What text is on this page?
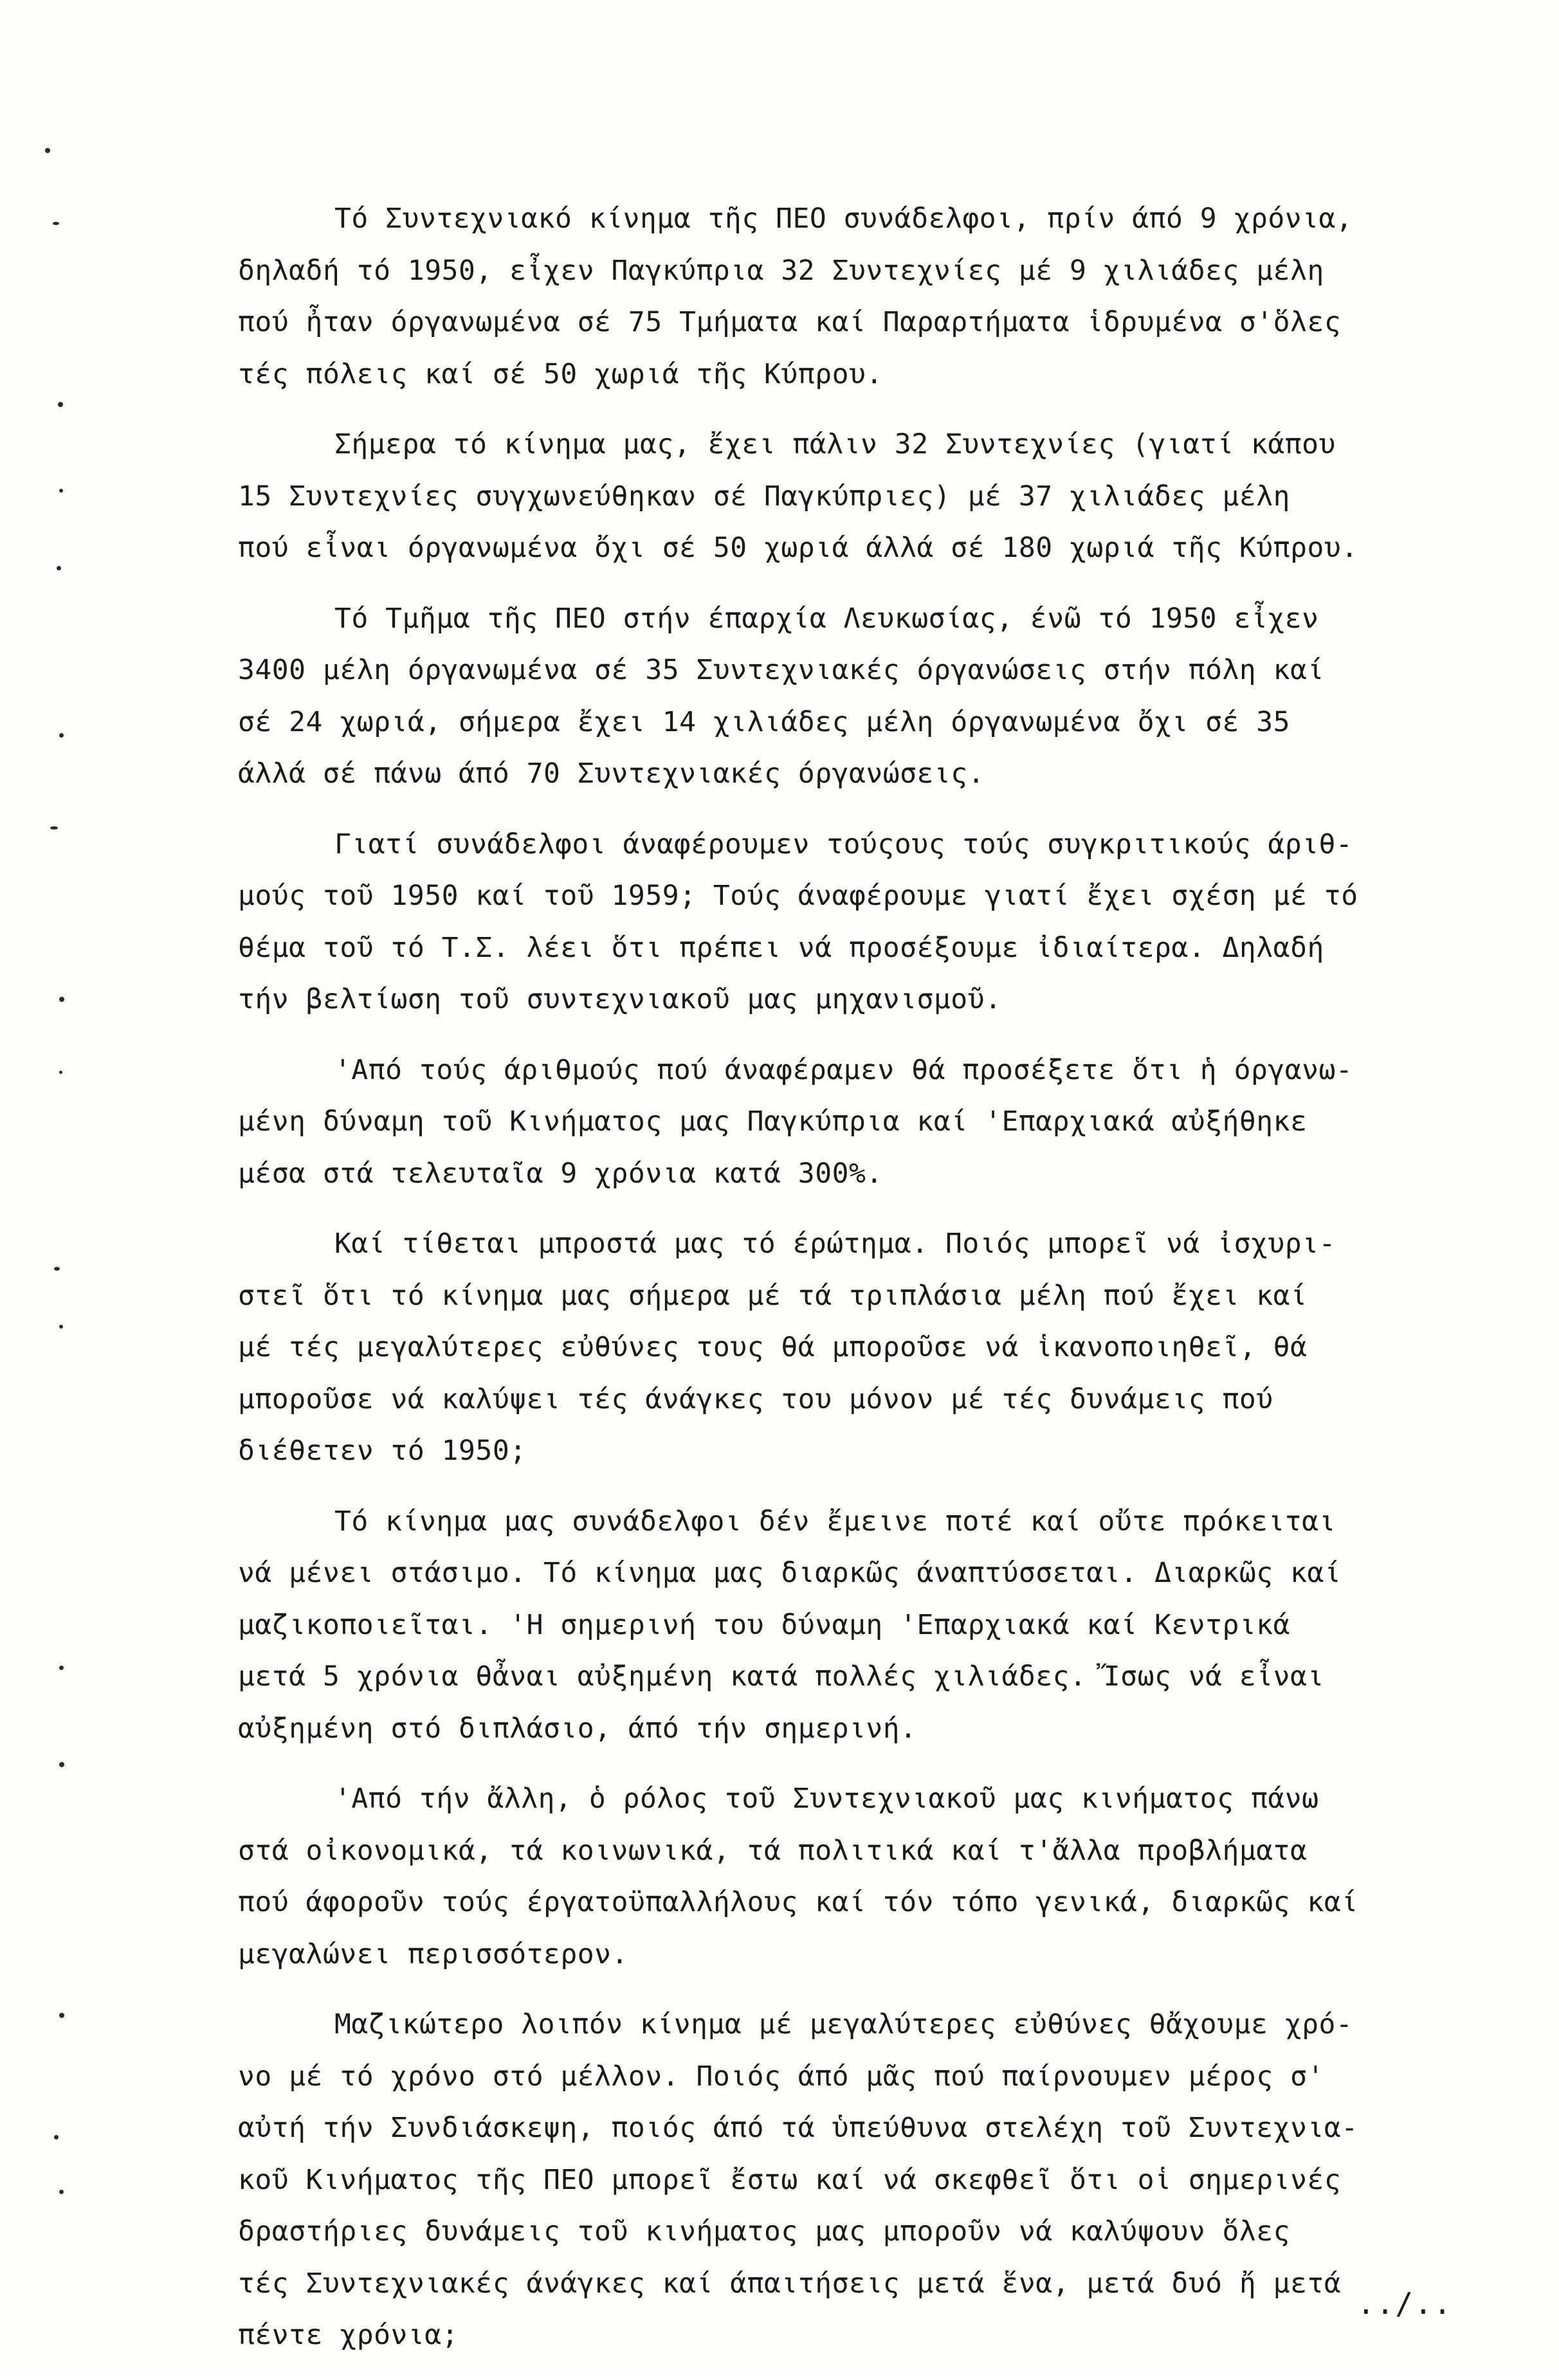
Τό Συντεχνιακό κίνημα τῆς ΠΕΟ συνάδελφοι, πρίν άπό 9 χρόνια,
δηλαδή τό 1950, εἶχεν Παγκύπρια 32 Συντεχνίες μέ 9 χιλιάδες μέλη
πού ἦταν όργανωμένα σέ 75 Τμήματα καί Παραρτήματα ἱδρυμένα σ'ὅλες
τές πόλεις καί σέ 50 χωριά τῆς Κύπρου.
Σήμερα τό κίνημα μας, ἔχει πάλιν 32 Συντεχνίες (γιατί κάπου
15 Συντεχνίες συγχωνεύθηκαν σέ Παγκύπριες) μέ 37 χιλιάδες μέλη
πού εἶναι όργανωμένα ὄχι σέ 50 χωριά άλλά σέ 180 χωριά τῆς Κύπρου.
Τό Τμῆμα τῆς ΠΕΟ στήν έπαρχία Λευκωσίας, ένῶ τό 1950 εἶχεν
3400 μέλη όργανωμένα σέ 35 Συντεχνιακές όργανώσεις στήν πόλη καί
σέ 24 χωριά, σήμερα ἔχει 14 χιλιάδες μέλη όργανωμένα ὄχι σέ 35
άλλά σέ πάνω άπό 70 Συντεχνιακές όργανώσεις.
Γιατί συνάδελφοι άναφέρουμεν τούςους τούς συγκριτικούς άριθ-
μούς τοῦ 1950 καί τοῦ 1959; Τούς άναφέρουμε γιατί ἔχει σχέση μέ τό
θέμα τοῦ τό Τ.Σ. λέει ὅτι πρέπει νά προσέξουμε ἰδιαίτερα. Δηλαδή
τήν βελτίωση τοῦ συντεχνιακοῦ μας μηχανισμοῦ.
'Από τούς άριθμούς πού άναφέραμεν θά προσέξετε ὅτι ἡ όργανω-
μένη δύναμη τοῦ Κινήματος μας Παγκύπρια καί 'Επαρχιακά αὐξήθηκε
μέσα στά τελευταῖα 9 χρόνια κατά 300%.
Καί τίθεται μπροστά μας τό έρώτημα. Ποιός μπορεῖ νά ἰσχυρι-
στεῖ ὅτι τό κίνημα μας σήμερα μέ τά τριπλάσια μέλη πού ἔχει καί
μέ τές μεγαλύτερες εὐθύνες τους θά μποροῦσε νά ἱκανοποιηθεῖ, θά
μποροῦσε νά καλύψει τές άνάγκες του μόνον μέ τές δυνάμεις πού
διέθετεν τό 1950;
Τό κίνημα μας συνάδελφοι δέν ἔμεινε ποτέ καί οὔτε πρόκειται
νά μένει στάσιμο. Τό κίνημα μας διαρκῶς άναπτύσσεται. Διαρκῶς καί
μαζικοποιεῖται. 'Η σημερινή του δύναμη 'Επαρχιακά καί Κεντρικά
μετά 5 χρόνια θἆναι αὐξημένη κατά πολλές χιλιάδες. Ἴσως νά εἶναι
αὐξημένη στό διπλάσιο, άπό τήν σημερινή.
'Από τήν ἄλλη, ὁ ρόλος τοῦ Συντεχνιακοῦ μας κινήματος πάνω
στά οἰκονομικά, τά κοινωνικά, τά πολιτικά καί τ'ἄλλα προβλήματα
πού άφοροῦν τούς έργατοϋπαλλήλους καί τόν τόπο γενικά, διαρκῶς καί
μεγαλώνει περισσότερον.
Μαζικώτερο λοιπόν κίνημα μέ μεγαλύτερες εὐθύνες θἄχουμε χρό-
νο μέ τό χρόνο στό μέλλον. Ποιός άπό μᾶς πού παίρνουμεν μέρος σ'
αὐτή τήν Συνδιάσκεψη, ποιός άπό τά ὑπεύθυνα στελέχη τοῦ Συντεχνια-
κοῦ Κινήματος τῆς ΠΕΟ μπορεῖ ἔστω καί νά σκεφθεῖ ὅτι οἱ σημερινές
δραστήριες δυνάμεις τοῦ κινήματος μας μποροῦν νά καλύψουν ὅλες
τές Συντεχνιακές άνάγκες καί άπαιτήσεις μετά ἕνα, μετά δυό ἤ μετά
πέντε χρόνια;
../..
